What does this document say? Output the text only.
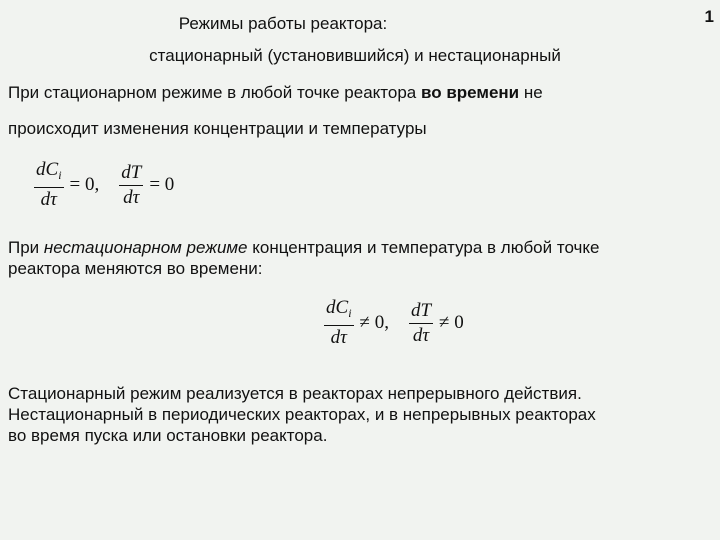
1
Режимы работы реактора:
стационарный (установившийся) и нестационарный
При стационарном режиме в любой точке реактора во времени не
происходит изменения концентрации и температуры
$\frac{dC_i}{d\tau} = 0$, $\frac{dT}{d\tau} = 0$
При нестационарном режиме концентрация и температура в любой точке
реактора меняются во времени:
$\frac{dC_i}{d\tau} \ne 0$, $\frac{dT}{d\tau} \ne 0$
Стационарный режим реализуется в реакторах непрерывного действия.
Нестационарный в периодических реакторах, и в непрерывных реакторах
во время пуска или остановки реактора.
